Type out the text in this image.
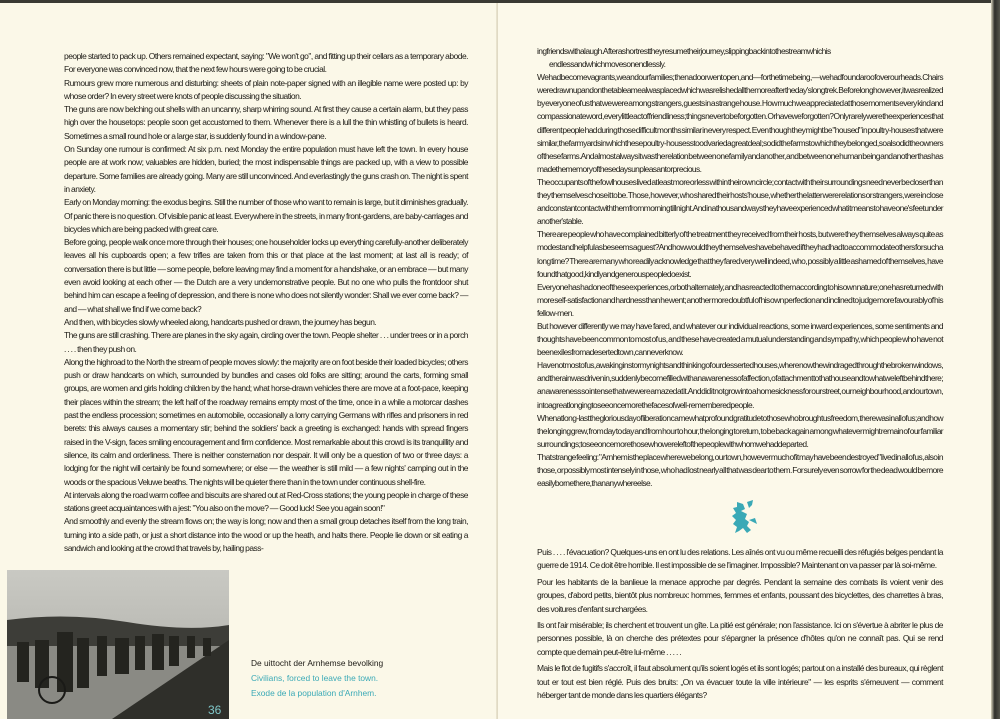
people started to pack up. Others remained expectant, saying: "We won't go", and fitting up their cellars as a temporary abode. For everyone was convinced now, that the next few hours were going to be crucial.

Rumours grew more numerous and disturbing: sheets of plain note-paper signed with an illegible name were posted up: by whose order? In every street were knots of people discussing the situation.

The guns are now belching out shells with an uncanny, sharp whirring sound. At first they cause a certain alarm, but they pass high over the housetops: people soon get accustomed to them. Whenever there is a lull the thin whistling of bullets is heard. Sometimes a small round hole or a large star, is suddenly found in a window-pane.

On Sunday one rumour is confirmed: At six p.m. next Monday the entire population must have left the town. In every house people are at work now; valuables are hidden, buried; the most indispensable things are packed up, with a view to possible departure. Some families are already going. Many are still unconvinced. And everlastingly the guns crash on. The night is spent in anxiety.

Early on Monday morning: the exodus begins. Still the number of those who want to remain is large, but it diminishes gradually. Of panic there is no question. Of visible panic at least. Everywhere in the streets, in many front-gardens, are baby-carriages and bicycles which are being packed with great care.

Before going, people walk once more through their houses; one householder locks up everything carefully-another deliberately leaves all his cupboards open; a few trifles are taken from this or that place at the last moment; at last all is ready; of conversation there is but little — some people, before leaving may find a moment for a handshake, or an embrace — but many even avoid looking at each other — the Dutch are a very undemonstrative people. But no one who pulls the frontdoor shut behind him can escape a feeling of depression, and there is none who does not silently wonder: Shall we ever come back? — and — what shall we find if we come back?

And then, with bicycles slowly wheeled along, handcarts pushed or drawn, the journey has begun.

The guns are still crashing. There are planes in the sky again, circling over the town. People shelter . . . under trees or in a porch . . . . then they push on.

Along the highroad to the North the stream of people moves slowly: the majority are on foot beside their loaded bicycles; others push or draw handcarts on which, surrounded by bundles and cases old folks are sitting; around the carts, forming small groups, are women and girls holding children by the hand; what horse-drawn vehicles there are move at a foot-pace, keeping their places within the stream; the left half of the roadway remains empty most of the time, once in a while a motorcar dashes past the endless procession; sometimes en automobile, occasionally a lorry carrying Germans with rifles and prisoners in red berets: this always causes a momentary stir; behind the soldiers' back a greeting is exchanged: hands with spread fingers raised in the V-sign, faces smiling encouragement and firm confidence. Most remarkable about this crowd is its tranquillity and silence, its calm and orderliness. There is neither consternation nor despair. It will only be a question of two or three days: a lodging for the night will certainly be found somewhere; or else — the weather is still mild — a few nights' camping out in the woods or the spacious Veluwe beaths. The nights will be quieter there than in the town under continuous shell-fire.

At intervals along the road warm coffee and biscuits are shared out at Red-Cross stations; the young people in charge of these stations greet acquaintances with a jest: "You also on the move? — Good luck! See you again soon!"

And smoothly and evenly the stream flows on; the way is long; now and then a small group detaches itself from the long train, turning into a side path, or just a short distance into the wood or up the heath, and halts there. People lie down or sit eating a sandwich and looking at the crowd that travels by, hailing pass-

36
De uittocht der Arnhemse bevolking
Civilians, forced to leave the town.
Exode de la population d'Arnhem.

ing friends with a laugh. After a short rest they resume their journey, slipping back into the stream which is

endless and which moves on endlessly.

We had become vagrants, we and our families; then a door went open, and — for the time being, — we had found a roof over our heads. Chairs were drawn up and on the table a meal was placed which was relished all the more after the day's long trek. Before long however, it was realized by everyone of us that we were among strangers, guests in a strange house. How much we appreciated at those moments every kind and compassionate word, every little act of friendliness; things never to be forgotten. Or have we forgotten? Only rarely were the experiences that different people had during those difficult months similar in every respect. Even though they might be "housed" in poultry-houses that were similar, the farmyards in which these poultry-houses stood varied a great deal; so did the farms to which they belonged, so also did the owners of these farms. And almost always it was the relation between one family and another, and between one human being and another thas has made the memory of these days unpleasant or precious.

The occupants of the fowlhouses lived at least more or less within their own circle; contact with their surroundings need never be closer than they themselves chose it to be. Those, however, who shared their hosts'house, whether the latter were relations or strangers, were in close and constant contact with them from morning till night. And in a thousand ways they have experienced what it means to have one's feet under another's table.

There are people who have complained bitterly of the treatment they received from their hosts, but were they themselves always quite as modest and helpful as beseems a guest? And how would they themselves have behaved if they had had to accommodate others for such a long time? There are many who readily acknowledge that they fared very well indeed, who, possibly a little ashamed of themselves, have found that good, kindly and generous people do exist.

Everyone has had one of these experiences, or both alternately, and has reacted to them according to his own nature; one has returned with more self-satisfaction and hardness than he went; another more doubtful of his own perfection and inclined to judge more favourably of his fellow-men.

But however differently we may have fared, and whatever our individual reactions, some inward experiences, some sentiments and thoughts have been common to most of us, and these have created a mutual understanding and sympathy, which people who have not been exiles from a deserted town, can never know.

Have not most of us, awaking in stormy nights and thinking of our desserted houses, where now the wind raged through the broken windows, and the rain was driven in, suddenly become filled with an awareness of affection, of attachment to that house and to what we left behind there; an awareness so intense that we were amazed at it. And did it not grow into a homesickness for our street, our neighbourhood, and our town, into a great longing to see once more the faces of well-remembered people.

When at long-last the glorious day of liberation came what profound gratitude to those who brought us freedom, there was in all of us; and how the longing grew, from day to day and from hour to hour, the longing to return, to be back again among whatever might remain of our familiar surroundings; to see once more those who were left of the people with whom we had departed.

That strange feeling: "Arnhem is the place where we belong, our town, however much of it may have been destroyed" lived in all of us, also in those, or possibly most intensely in those, who had lost nearly all that was dear to them. For surely even sorrow for the dead would be more easily borne there, than anywhere else.

Puis . . . . l'évacuation? Quelques-uns en ont lu des relations. Les aînés ont vu ou même recueilli des réfugiés belges pendant la guerre de 1914. Ce doit être horrible. Il est impossible de se l'imaginer. Impossible? Maintenant on va passer par là soi-même.

Pour les habitants de la banlieue la menace approche par degrés. Pendant la semaine des combats ils voient venir des groupes, d'abord petits, bientôt plus nombreux: hommes, femmes et enfants, poussant des bicyclettes, des charrettes à bras, des voitures d'enfant surchargées.

Ils ont l'air misérable; ils cherchent et trouvent un gîte. La pitié est générale; non l'assistance. Ici on s'évertue à abriter le plus de personnes possible, là on cherche des prétextes pour s'épargner la présence d'hôtes qu'on ne connaît pas. Qui se rend compte que demain peut-être lui-même . . . . .

Mais le flot de fugitifs s'accroît, il faut absolument qu'ils soient logés et ils sont logés; partout on a installé des bureaux, qui règlent tout er tout est bien réglé. Puis des bruits: „On va évacuer toute la ville intérieure" — les esprits s'émeuvent — comment héberger tant de monde dans les quartiers élégants?
